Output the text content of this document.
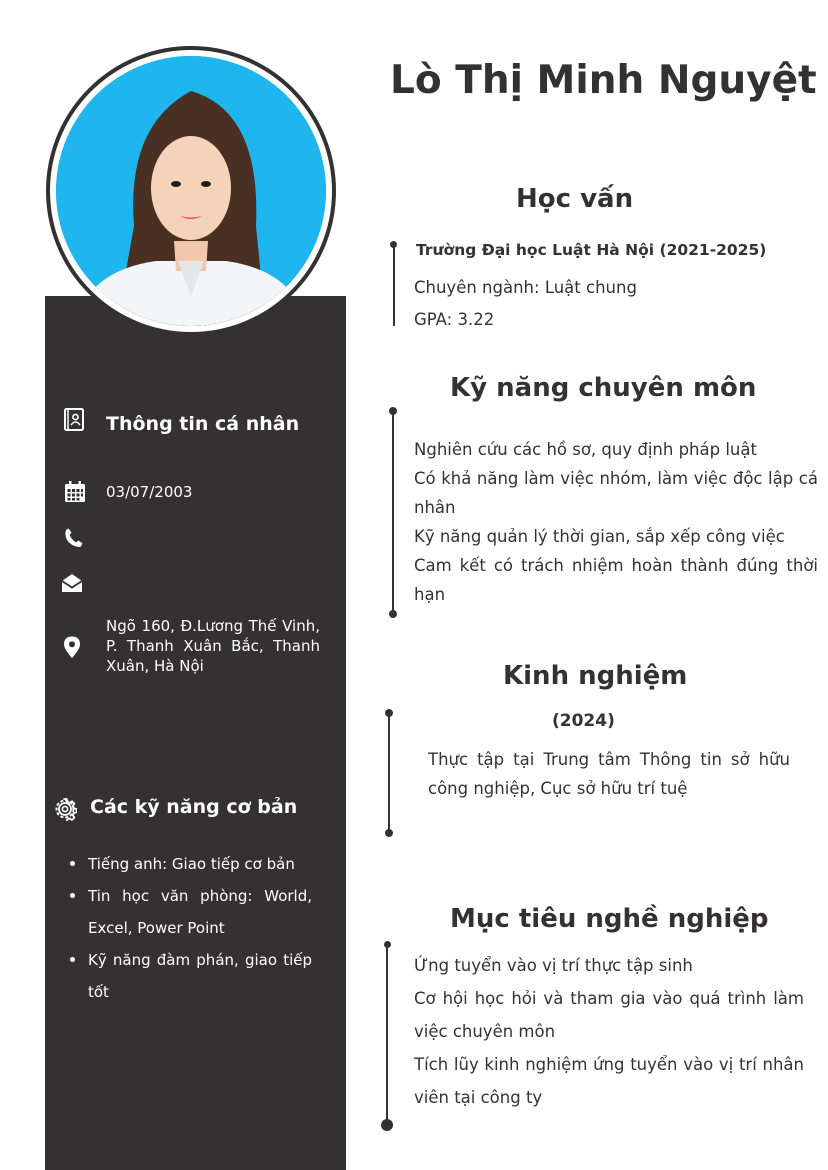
Lò Thị Minh Nguyệt
Học vấn

Trường Đại học Luật Hà Nội (2021-2025)

Chuyên ngành: Luật chung

GPA: 3.22

Kỹ năng chuyên môn

Nghiên cứu các hồ sơ, quy định pháp luật

Có khả năng làm việc nhóm, làm việc độc lập cá nhân

Kỹ năng quản lý thời gian, sắp xếp công việc

Cam kết có trách nhiệm hoàn thành đúng thời hạn

Kinh nghiệm

(2024)

Thực tập tại Trung tâm Thông tin sở hữu công nghiệp, Cục sở hữu trí tuệ

Mục tiêu nghề nghiệp

Ứng tuyển vào vị trí thực tập sinh

Cơ hội học hỏi và tham gia vào quá trình làm việc chuyên môn

Tích lũy kinh nghiệm ứng tuyển vào vị trí nhân viên tại công ty

Thông tin cá nhân
03/07/2003
Ngõ 160, Đ.Lương Thế Vinh, P. Thanh Xuân Bắc, Thanh Xuân, Hà Nội
Các kỹ năng cơ bản
Tiếng anh: Giao tiếp cơ bản
Tin học văn phòng: World, Excel, Power Point
Kỹ năng đàm phán, giao tiếp tốt
